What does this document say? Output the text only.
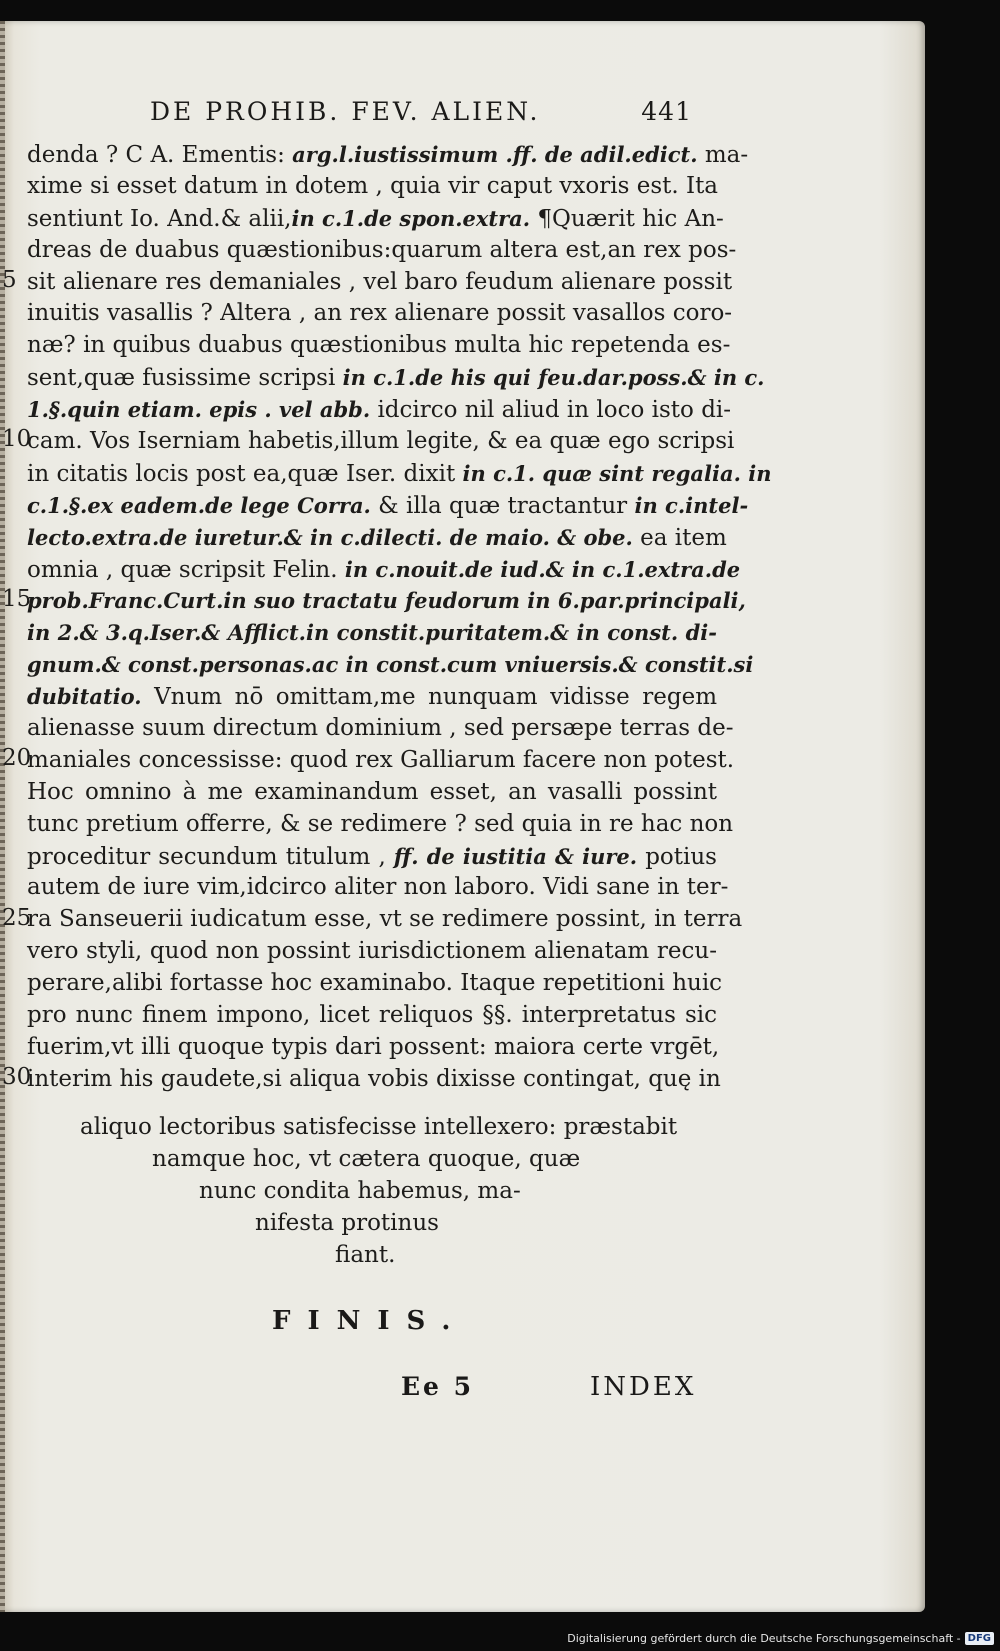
DE PROHIB. FEV. ALIEN.	441
5
10
15
20
25
30
denda ? C A. Ementis: arg.l.iustissimum .ff. de adil.edict. ma-
xime si esset datum in dotem , quia vir caput vxoris est. Ita
sentiunt Io. And.& alii,in c.1.de spon.extra. ¶Quærit hic An-
dreas de duabus quæstionibus:quarum altera est,an rex pos-
sit alienare res demaniales , vel baro feudum alienare possit
inuitis vasallis ? Altera , an rex alienare possit vasallos coro-
næ? in quibus duabus quæstionibus multa hic repetenda es-
sent,quæ fusissime scripsi in c.1.de his qui feu.dar.poss.& in c.
1.§.quin etiam. epis . vel abb. idcirco nil aliud in loco isto di-
cam. Vos Iserniam habetis,illum legite, & ea quæ ego scripsi
in citatis locis post ea,quæ Iser. dixit in c.1. quæ sint regalia. in
c.1.§.ex eadem.de lege Corra. & illa quæ tractantur in c.intel-
lecto.extra.de iuretur.& in c.dilecti. de maio. & obe. ea item
omnia , quæ scripsit Felin. in c.nouit.de iud.& in c.1.extra.de
prob.Franc.Curt.in suo tractatu feudorum in 6.par.principali,
in 2.& 3.q.Iser.& Afflict.in constit.puritatem.& in const. di-
gnum.& const.personas.ac in const.cum vniuersis.& constit.si
dubitatio. Vnum nō omittam,me nunquam vidisse regem
alienasse suum directum dominium , sed persæpe terras de-
maniales concessisse: quod rex Galliarum facere non potest.
Hoc omnino à me examinandum esset, an vasalli possint
tunc pretium offerre, & se redimere ? sed quia in re hac non
proceditur secundum titulum , ff. de iustitia & iure. potius
autem de iure vim,idcirco aliter non laboro. Vidi sane in ter-
ra Sanseuerii iudicatum esse, vt se redimere possint, in terra
vero styli, quod non possint iurisdictionem alienatam recu-
perare,alibi fortasse hoc examinabo. Itaque repetitioni huic
pro nunc finem impono, licet reliquos §§. interpretatus sic
fuerim,vt illi quoque typis dari possent: maiora certe vrgēt,
interim his gaudete,si aliqua vobis dixisse contingat, quę in
aliquo lectoribus satisfecisse intellexero: præstabit
namque hoc, vt cætera quoque, quæ
nunc condita habemus, ma-
nifesta protinus
fiant.
FINIS.
Ee 5	INDEX
Digitalisierung gefördert durch die Deutsche Forschungsgemeinschaft - DFG
